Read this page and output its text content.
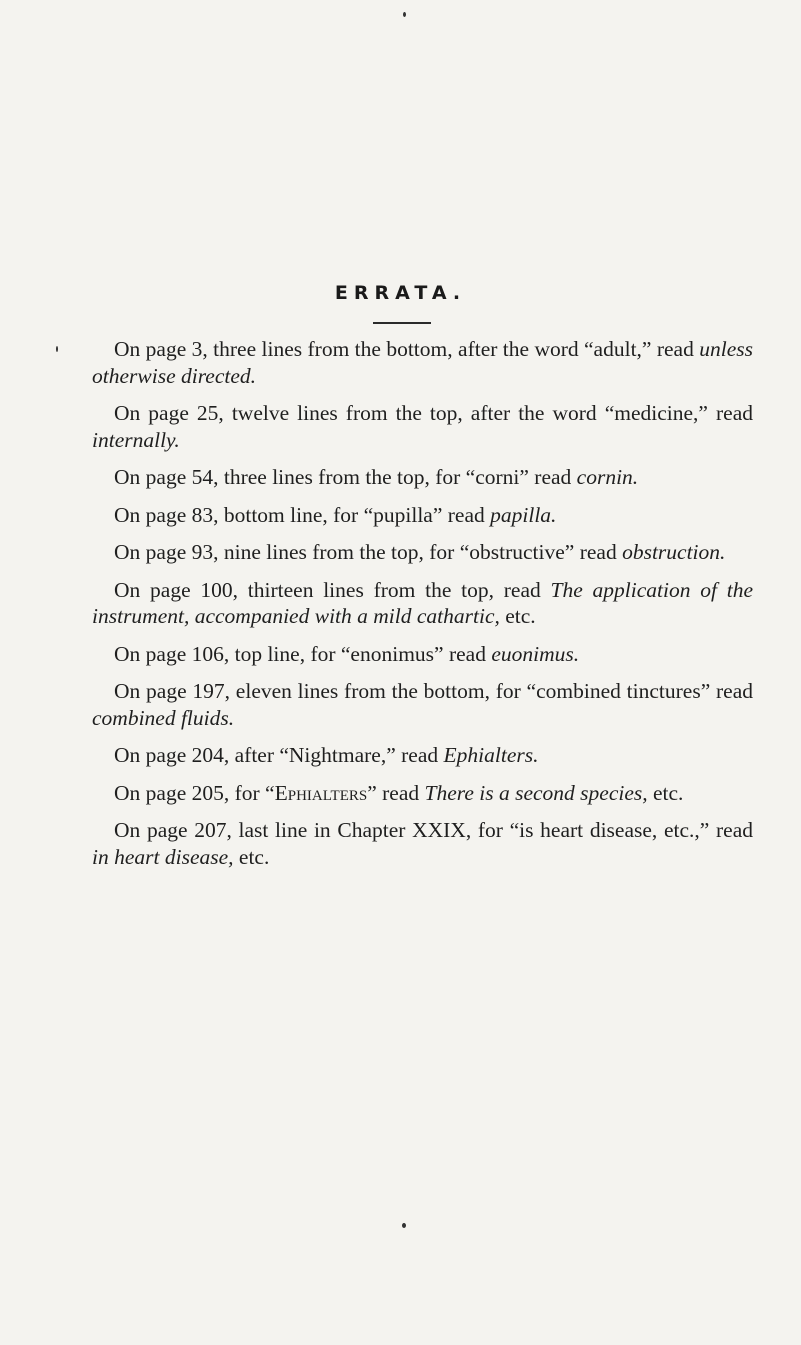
ERRATA.

On page 3, three lines from the bottom, after the word “adult,” read unless otherwise directed.

On page 25, twelve lines from the top, after the word “medicine,” read internally.

On page 54, three lines from the top, for “corni” read cornin.

On page 83, bottom line, for “pupilla” read papilla.

On page 93, nine lines from the top, for “obstructive” read obstruction.

On page 100, thirteen lines from the top, read The application of the instrument, accompanied with a mild cathartic, etc.

On page 106, top line, for “enonimus” read euonimus.

On page 197, eleven lines from the bottom, for “combined tinctures” read combined fluids.

On page 204, after “Nightmare,” read Ephialters.

On page 205, for “Ephialters” read There is a second species, etc.

On page 207, last line in Chapter XXIX, for “is heart disease, etc.,” read in heart disease, etc.
